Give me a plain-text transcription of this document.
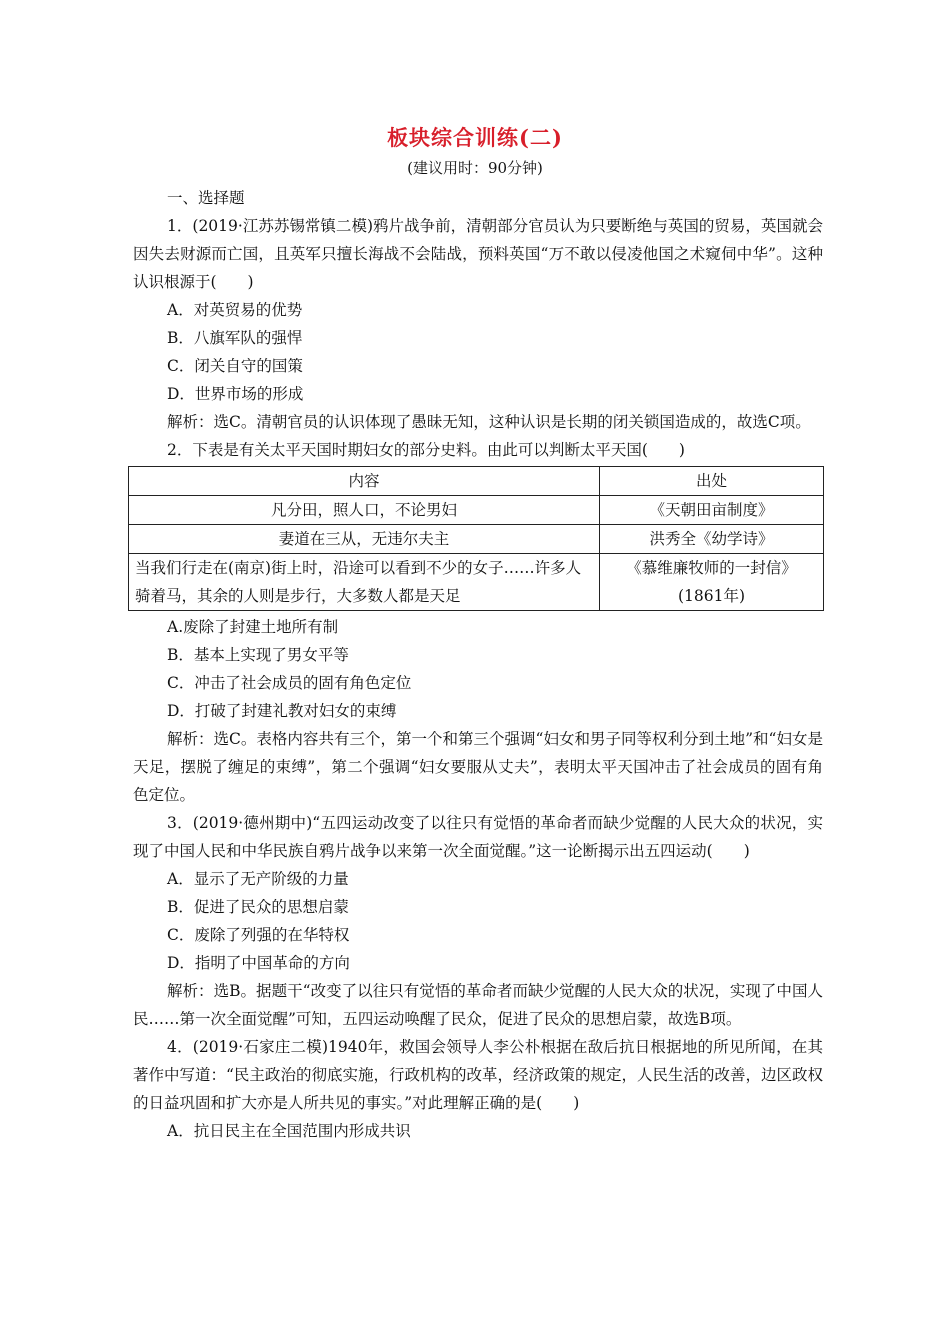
板块综合训练(二)
(建议用时：90分钟)
一、选择题
1．(2019·江苏苏锡常镇二模)鸦片战争前，清朝部分官员认为只要断绝与英国的贸易，英国就会因失去财源而亡国，且英军只擅长海战不会陆战，预料英国“万不敢以侵凌他国之术窥伺中华”。这种认识根源于(　　)
A．对英贸易的优势
B．八旗军队的强悍
C．闭关自守的国策
D．世界市场的形成
解析：选C。清朝官员的认识体现了愚昧无知，这种认识是长期的闭关锁国造成的，故选C项。
2．下表是有关太平天国时期妇女的部分史料。由此可以判断太平天国(　　)
内容	出处
凡分田，照人口，不论男妇	《天朝田亩制度》
妻道在三从，无违尔夫主	洪秀全《幼学诗》
当我们行走在(南京)街上时，沿途可以看到不少的女子……许多人骑着马，其余的人则是步行，大多数人都是天足	《慕维廉牧师的一封信》(1861年)
A.废除了封建土地所有制
B．基本上实现了男女平等
C．冲击了社会成员的固有角色定位
D．打破了封建礼教对妇女的束缚
解析：选C。表格内容共有三个，第一个和第三个强调“妇女和男子同等权利分到土地”和“妇女是天足，摆脱了缠足的束缚”，第二个强调“妇女要服从丈夫”，表明太平天国冲击了社会成员的固有角色定位。
3．(2019·德州期中)“五四运动改变了以往只有觉悟的革命者而缺少觉醒的人民大众的状况，实现了中国人民和中华民族自鸦片战争以来第一次全面觉醒。”这一论断揭示出五四运动(　　)
A．显示了无产阶级的力量
B．促进了民众的思想启蒙
C．废除了列强的在华特权
D．指明了中国革命的方向
解析：选B。据题干“改变了以往只有觉悟的革命者而缺少觉醒的人民大众的状况，实现了中国人民……第一次全面觉醒”可知，五四运动唤醒了民众，促进了民众的思想启蒙，故选B项。
4．(2019·石家庄二模)1940年，救国会领导人李公朴根据在敌后抗日根据地的所见所闻，在其著作中写道：“民主政治的彻底实施，行政机构的改革，经济政策的规定，人民生活的改善，边区政权的日益巩固和扩大亦是人所共见的事实。”对此理解正确的是(　　)
A．抗日民主在全国范围内形成共识
